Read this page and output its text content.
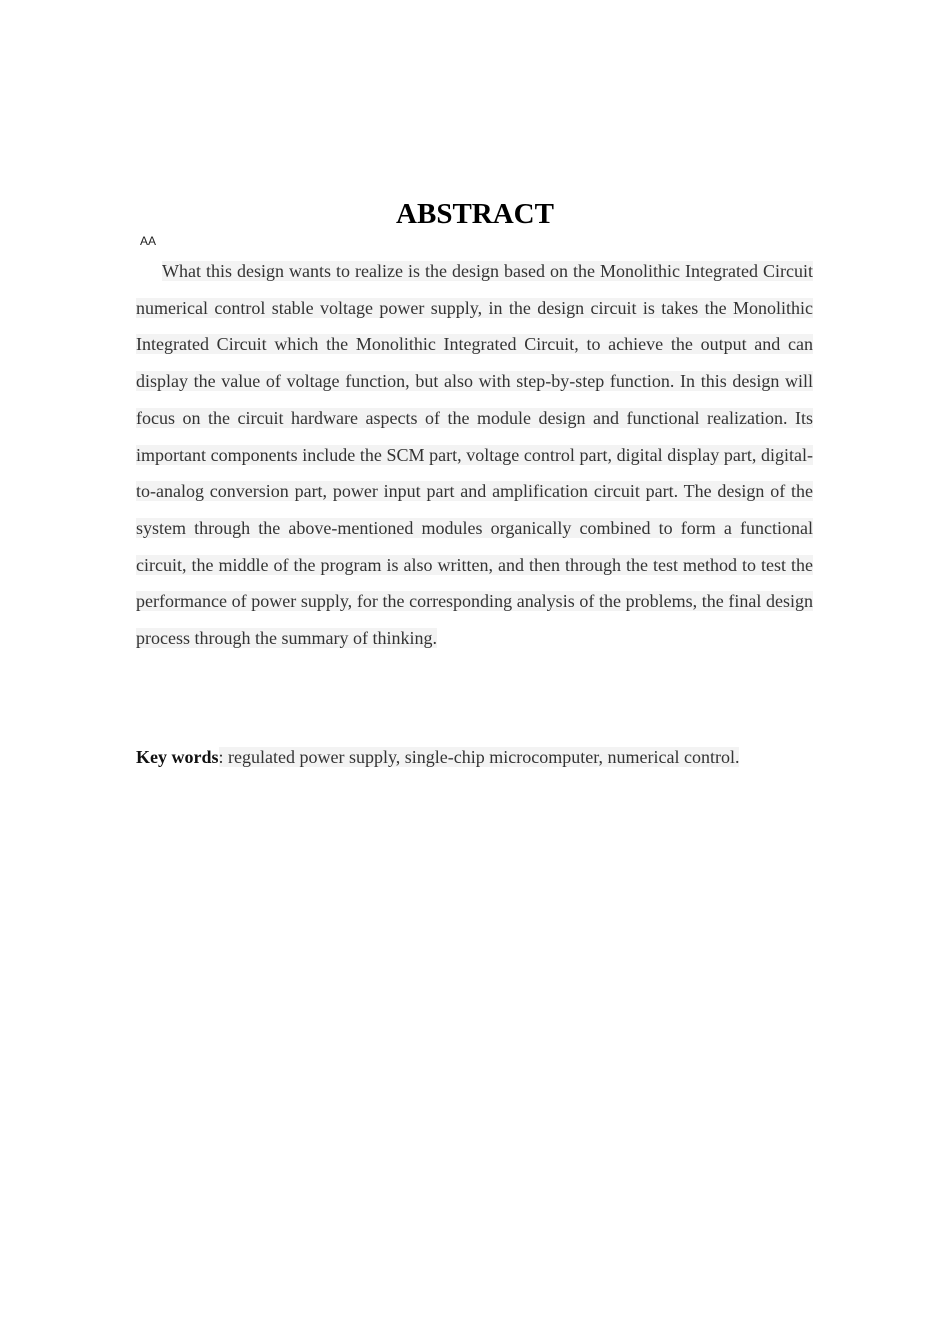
ABSTRACT
AA

What this design wants to realize is the design based on the Monolithic Integrated Circuit numerical control stable voltage power supply, in the design circuit is takes the Monolithic Integrated Circuit which the Monolithic Integrated Circuit, to achieve the output and can display the value of voltage function, but also with step-by-step function. In this design will focus on the circuit hardware aspects of the module design and functional realization. Its important components include the SCM part, voltage control part, digital display part, digital-to-analog conversion part, power input part and amplification circuit part. The design of the system through the above-mentioned modules organically combined to form a functional circuit, the middle of the program is also written, and then through the test method to test the performance of power supply, for the corresponding analysis of the problems, the final design process through the summary of thinking.

Key words: regulated power supply, single-chip microcomputer, numerical control.
